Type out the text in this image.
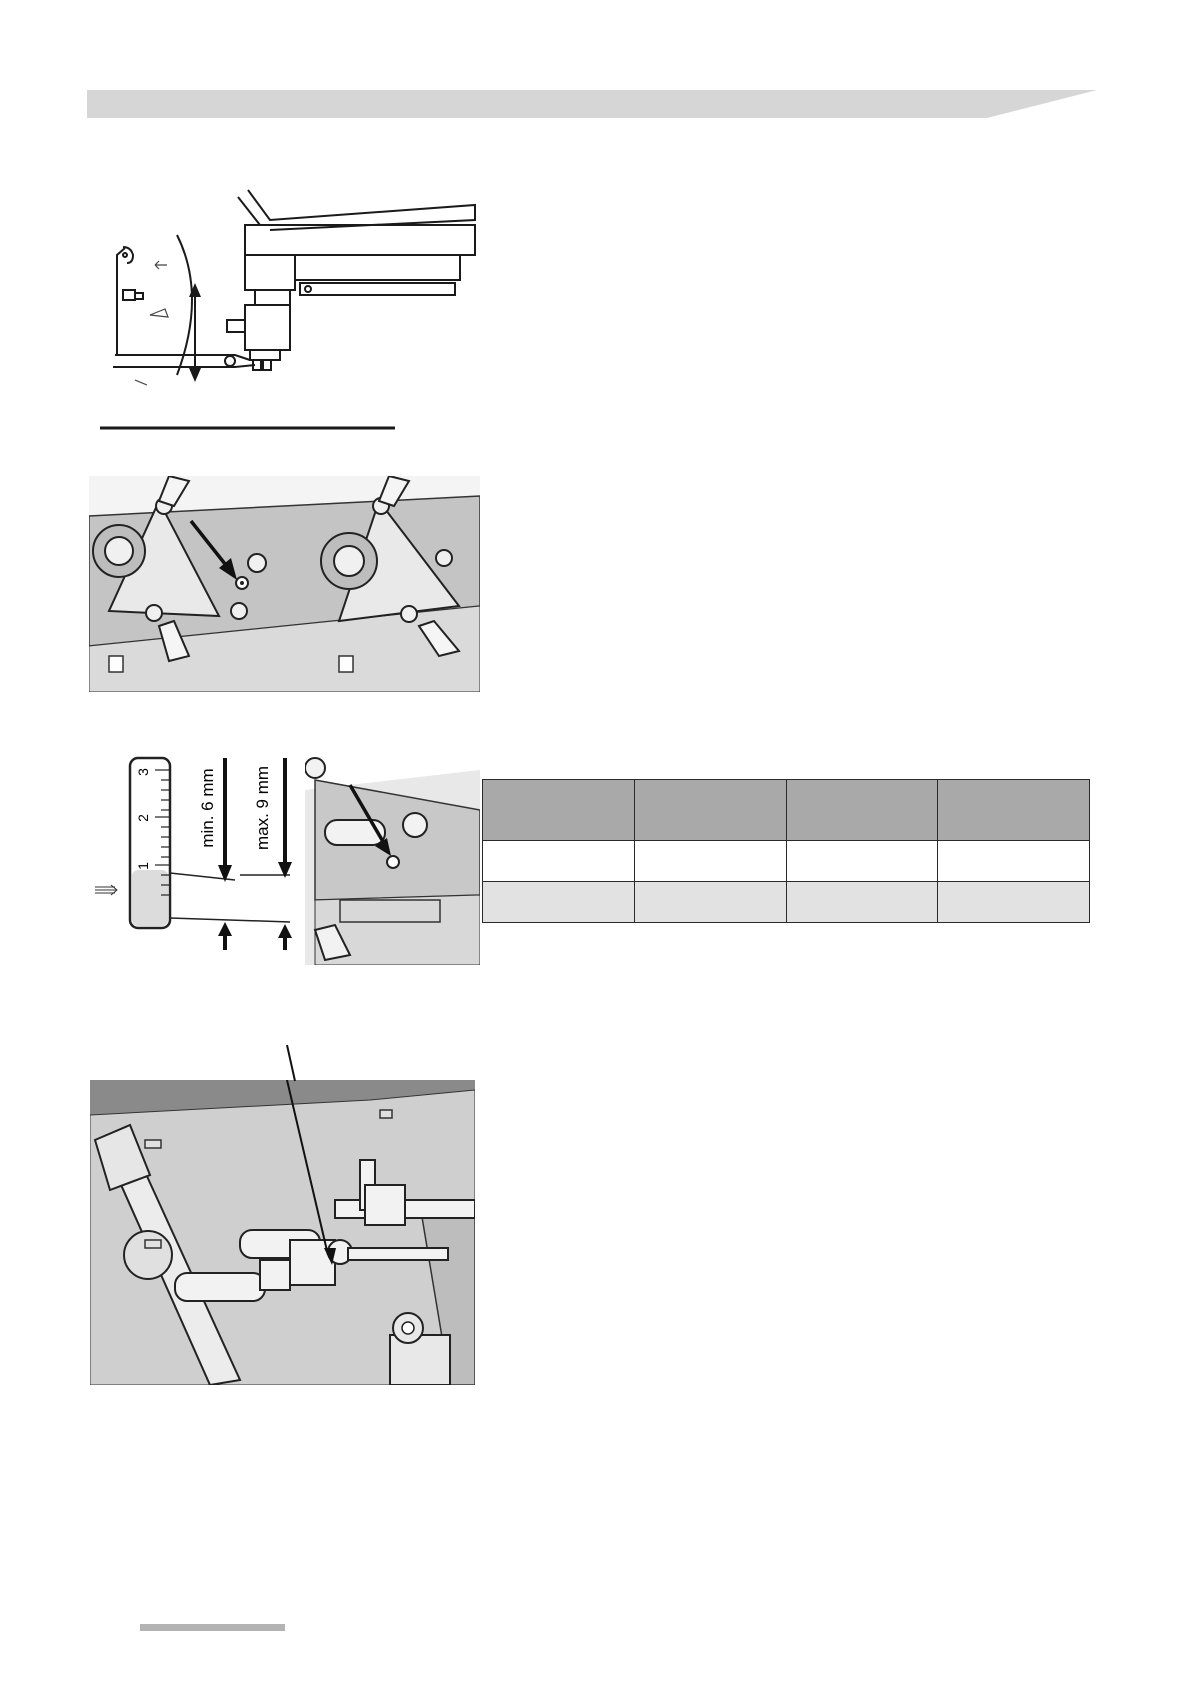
3
2
1
min. 6 mm max. 9 mm
